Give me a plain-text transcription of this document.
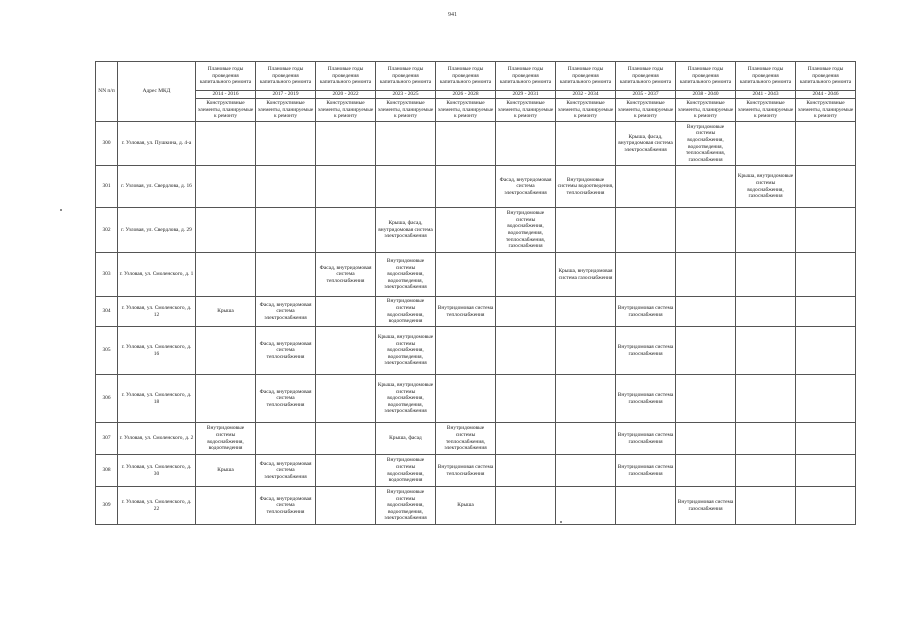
941
NN п/п	Адрес МКД	Плановые годы проведения капитального ремонта	Плановые годы проведения капитального ремонта	Плановые годы проведения капитального ремонта	Плановые годы проведения капитального ремонта	Плановые годы проведения капитального ремонта	Плановые годы проведения капитального ремонта	Плановые годы проведения капитального ремонта	Плановые годы проведения капитального ремонта	Плановые годы проведения капитального ремонта	Плановые годы проведения капитального ремонта	Плановые годы проведения капитального ремонта
		2014 - 2016	2017 - 2019	2020 - 2022	2023 - 2025	2026 - 2028	2029 - 2031	2032 - 2034	2035 - 2037	2038 - 2040	2041 - 2043	2044 - 2046
		Конструктивные элементы, планируемые к ремонту	Конструктивные элементы, планируемые к ремонту	Конструктивные элементы, планируемые к ремонту	Конструктивные элементы, планируемые к ремонту	Конструктивные элементы, планируемые к ремонту	Конструктивные элементы, планируемые к ремонту	Конструктивные элементы, планируемые к ремонту	Конструктивные элементы, планируемые к ремонту	Конструктивные элементы, планируемые к ремонту	Конструктивные элементы, планируемые к ремонту	Конструктивные элементы, планируемые к ремонту
300	г. Узловая, ул. Пушкина, д. 4-а								Крыша, фасад, внутридомовая система электроснабжения	Внутридомовые системы водоснабжения, водоотведения, теплоснабжения, газоснабжения		
301	г. Узловая, ул. Свердлова, д. 16						Фасад, внутридомовая система электроснабжения	Внутридомовые системы водоотведения, теплоснабжения			Крыша, внутридомовые системы водоснабжения, газоснабжения	
302	г. Узловая, ул. Свердлова, д. 29				Крыша, фасад, внутридомовая система электроснабжения		Внутридомовые системы водоснабжения, водоотведения, теплоснабжения, газоснабжения					
303	г. Узловая, ул. Смоленского, д. 1			Фасад, внутридомовая система теплоснабжения	Внутридомовые системы водоснабжения, водоотведения, электроснабжения			Крыша, внутридомовая система газоснабжения				
304	г. Узловая, ул. Смоленского, д. 12	Крыша	Фасад, внутридомовая система электроснабжения		Внутридомовые системы водоснабжения, водоотведения	Внутридомовая система теплоснабжения			Внутридомовая система газоснабжения			
305	г. Узловая, ул. Смоленского, д. 16		Фасад, внутридомовая система теплоснабжения		Крыша, внутридомовые системы водоснабжения, водоотведения, электроснабжения				Внутридомовая система газоснабжения			
306	г. Узловая, ул. Смоленского, д. 18		Фасад, внутридомовая система теплоснабжения		Крыша, внутридомовые системы водоснабжения, водоотведения, электроснабжения				Внутридомовая система газоснабжения			
307	г. Узловая, ул. Смоленского, д. 2	Внутридомовые системы водоснабжения, водоотведения			Крыша, фасад	Внутридомовые системы теплоснабжения, электроснабжения			Внутридомовая система газоснабжения			
308	г. Узловая, ул. Смоленского, д. 30	Крыша	Фасад, внутридомовая система электроснабжения		Внутридомовые системы водоснабжения, водоотведения	Внутридомовая система теплоснабжения			Внутридомовая система газоснабжения			
309	г. Узловая, ул. Смоленского, д. 22		Фасад, внутридомовая система теплоснабжения		Внутридомовые системы водоснабжения, водоотведения, электроснабжения	Крыша				Внутридомовая система газоснабжения		
